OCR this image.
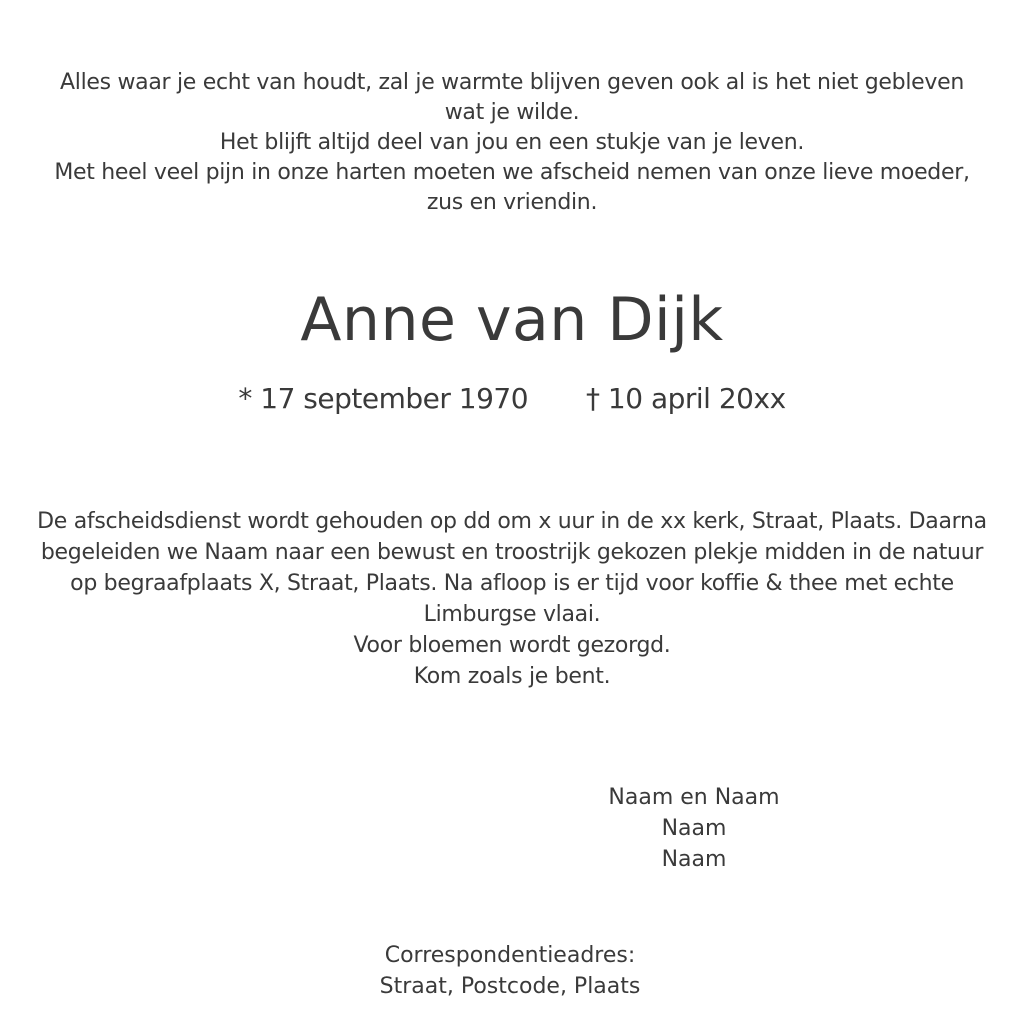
Alles waar je echt van houdt, zal je warmte blijven geven ook al is het niet gebleven
wat je wilde.
Het blijft altijd deel van jou en een stukje van je leven.
Met heel veel pijn in onze harten moeten we afscheid nemen van onze lieve moeder,
zus en vriendin.
Anne van Dijk
* 17 september 1970 † 10 april 20xx
De afscheidsdienst wordt gehouden op dd om x uur in de xx kerk, Straat, Plaats. Daarna
begeleiden we Naam naar een bewust en troostrijk gekozen plekje midden in de natuur
op begraafplaats X, Straat, Plaats. Na afloop is er tijd voor koffie & thee met echte
Limburgse vlaai.
Voor bloemen wordt gezorgd.
Kom zoals je bent.
Naam en Naam
Naam
Naam
Correspondentieadres:
Straat, Postcode, Plaats
